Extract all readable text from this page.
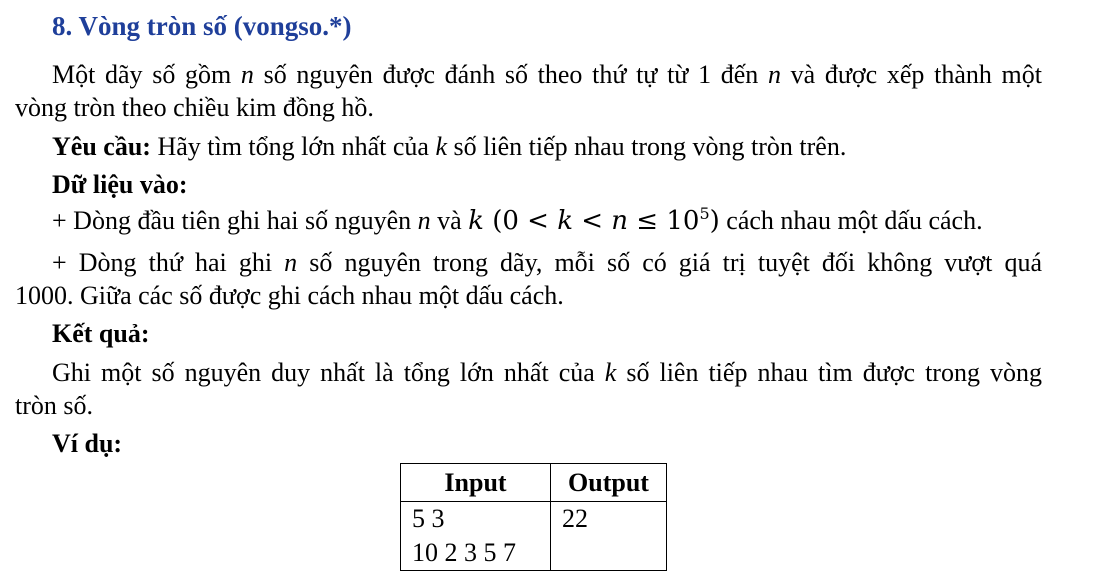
8. Vòng tròn số (vongso.*)
Một dãy số gồm n số nguyên được đánh số theo thứ tự từ 1 đến n và được xếp thành một
vòng tròn theo chiều kim đồng hồ.
Yêu cầu: Hãy tìm tổng lớn nhất của k số liên tiếp nhau trong vòng tròn trên.
Dữ liệu vào:
+ Dòng đầu tiên ghi hai số nguyên n và k $(0 < k < n \le 10^5)$ cách nhau một dấu cách.
+ Dòng thứ hai ghi n số nguyên trong dãy, mỗi số có giá trị tuyệt đối không vượt quá
1000. Giữa các số được ghi cách nhau một dấu cách.
Kết quả:
Ghi một số nguyên duy nhất là tổng lớn nhất của k số liên tiếp nhau tìm được trong vòng
tròn số.
Ví dụ:
Input	Output

5 3
10 2 3 5 7	22
